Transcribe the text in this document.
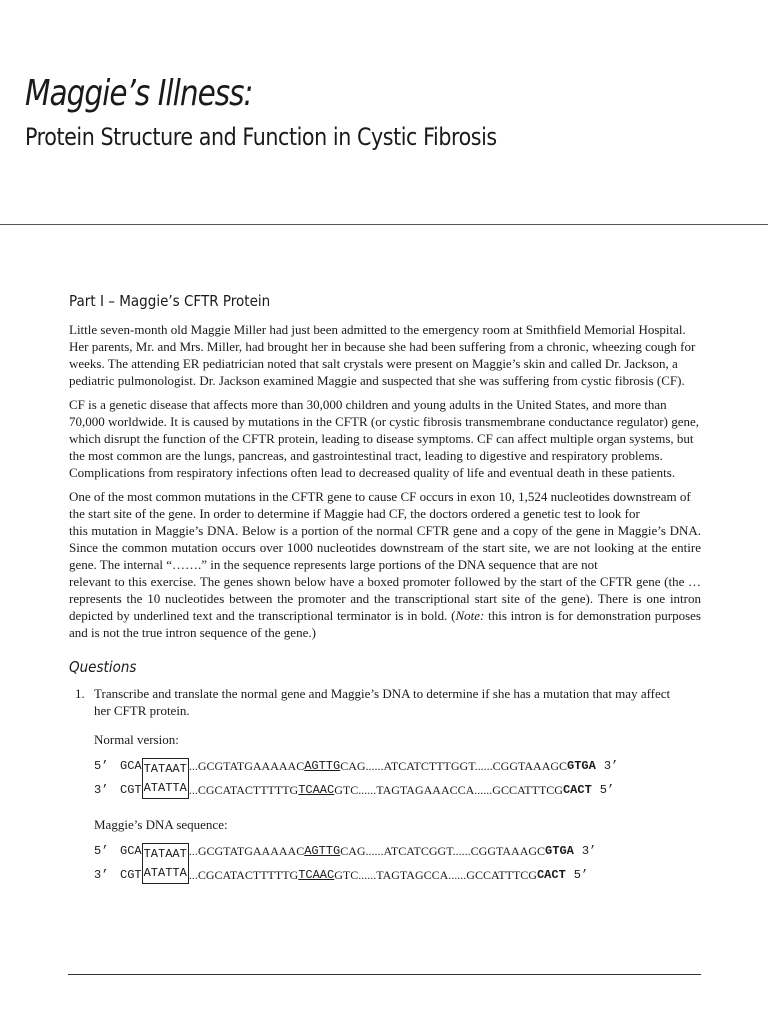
Maggie’s Illness:
Protein Structure and Function in Cystic Fibrosis
Part I – Maggie’s CFTR Protein

Little seven-month old Maggie Miller had just been admitted to the emergency room at Smithfield Memorial Hospital. Her parents, Mr. and Mrs. Miller, had brought her in because she had been suffering from a chronic, wheezing cough for weeks. The attending ER pediatrician noted that salt crystals were present on Maggie’s skin and called Dr. Jackson, a pediatric pulmonologist. Dr. Jackson examined Maggie and suspected that she was suffering from cystic fibrosis (CF).

CF is a genetic disease that affects more than 30,000 children and young adults in the United States, and more than 70,000 worldwide. It is caused by mutations in the CFTR (or cystic fibrosis transmembrane conductance regulator) gene, which disrupt the function of the CFTR protein, leading to disease symptoms. CF can affect multiple organ systems, but the most common are the lungs, pancreas, and gastrointestinal tract, leading to digestive and respiratory problems. Complications from respiratory infections often lead to decreased quality of life and eventual death in these patients.

One of the most common mutations in the CFTR gene to cause CF occurs in exon 10, 1,524 nucleotides downstream of the start site of the gene. In order to determine if Maggie had CF, the doctors ordered a genetic test to look for

this mutation in Maggie’s DNA. Below is a portion of the normal CFTR gene and a copy of the gene in Maggie’s DNA. Since the common mutation occurs over 1000 nucleotides downstream of the start site, we are not looking at the entire gene. The internal “…….” in the sequence represents large portions of the DNA sequence that are not

relevant to this exercise. The genes shown below have a boxed promoter followed by the start of the CFTR gene (the … represents the 10 nucleotides between the promoter and the transcriptional start site of the gene). There is one intron depicted by underlined text and the transcriptional terminator is in bold. (Note: this intron is for demonstration purposes and is not the true intron sequence of the gene.)

Questions
1. Transcribe and translate the normal gene and Maggie’s DNA to determine if she has a mutation that may affect her CFTR protein.
Normal version:
5’ GCA TATAAT ...GCGTATGAAAAAC AGTTG CAG......ATCATCTTTGGT......CGGTAAAGC GTGA 3’
3’ CGT ATATTA ...CGCATACTTTTTG TCAAC GTC......TAGTAGAAACCA......GCCATTTCG CACT 5’
Maggie’s DNA sequence:
5’ GCA TATAAT ...GCGTATGAAAAAC AGTTG CAG......ATCATCGGT......CGGTAAAGC GTGA 3’
3’ CGT ATATTA ...CGCATACTTTTTG TCAAC GTC......TAGTAGCCA......GCCATTTCG CACT 5’
